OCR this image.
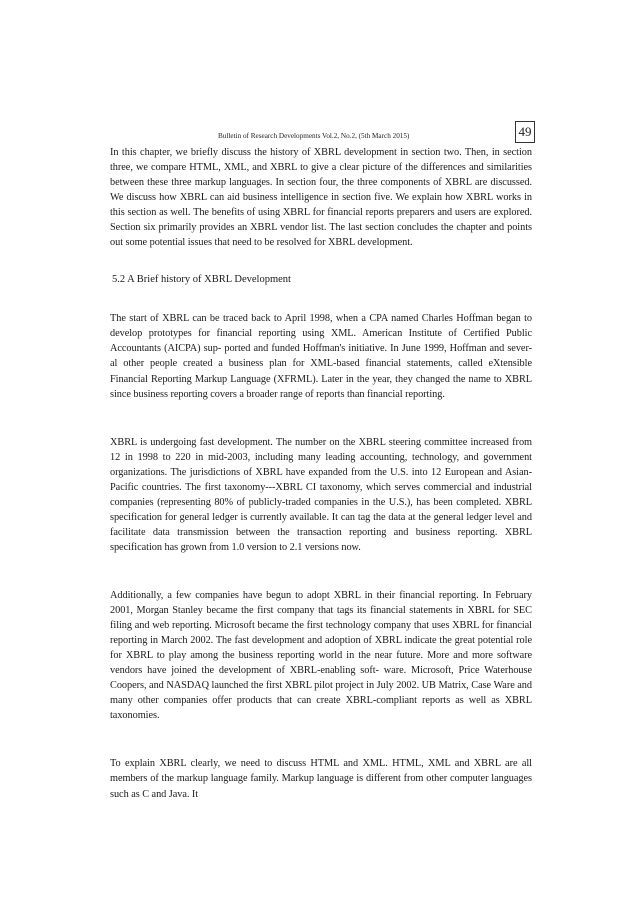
Bulletin of Research Developments Vol.2, No.2, (5th March 2015)	49

In this chapter, we briefly discuss the history of XBRL development in section two. Then, in section three, we compare HTML, XML, and XBRL to give a clear picture of the differences and similarities between these three markup languages. In section four, the three components of XBRL are discussed. We discuss how XBRL can aid business intelligence in section five. We explain how XBRL works in this section as well. The benefits of using XBRL for financial reports preparers and users are explored. Section six primarily provides an XBRL vendor list. The last section concludes the chapter and points out some potential issues that need to be resolved for XBRL development.

5.2 A Brief history of XBRL Development

The start of XBRL can be traced back to April 1998, when a CPA named Charles Hoffman began to develop prototypes for financial reporting using XML. American Institute of Certified Public Accountants (AICPA) sup- ported and funded Hoffman's initiative. In June 1999, Hoffman and sever- al other people created a business plan for XML-based financial statements, called eXtensible Financial Reporting Markup Language (XFRML). Later in the year, they changed the name to XBRL since business reporting covers a broader range of reports than financial reporting.

XBRL is undergoing fast development. The number on the XBRL steering committee increased from 12 in 1998 to 220 in mid-2003, including many leading accounting, technology, and government organizations. The jurisdictions of XBRL have expanded from the U.S. into 12 European and Asian-Pacific countries. The first taxonomy---XBRL CI taxonomy, which serves commercial and industrial companies (representing 80% of publicly-traded companies in the U.S.), has been completed. XBRL specification for general ledger is currently available. It can tag the data at the general ledger level and facilitate data transmission between the transaction reporting and business reporting. XBRL specification has grown from 1.0 version to 2.1 versions now.

Additionally, a few companies have begun to adopt XBRL in their financial reporting. In February 2001, Morgan Stanley became the first company that tags its financial statements in XBRL for SEC filing and web reporting. Microsoft became the first technology company that uses XBRL for financial reporting in March 2002. The fast development and adoption of XBRL indicate the great potential role for XBRL to play among the business reporting world in the near future. More and more software vendors have joined the development of XBRL-enabling soft- ware. Microsoft, Price Waterhouse Coopers, and NASDAQ launched the first XBRL pilot project in July 2002. UB Matrix, Case Ware and many other companies offer products that can create XBRL-compliant reports as well as XBRL taxonomies.

To explain XBRL clearly, we need to discuss HTML and XML. HTML, XML and XBRL are all members of the markup language family. Markup language is different from other computer languages such as C and Java. It
